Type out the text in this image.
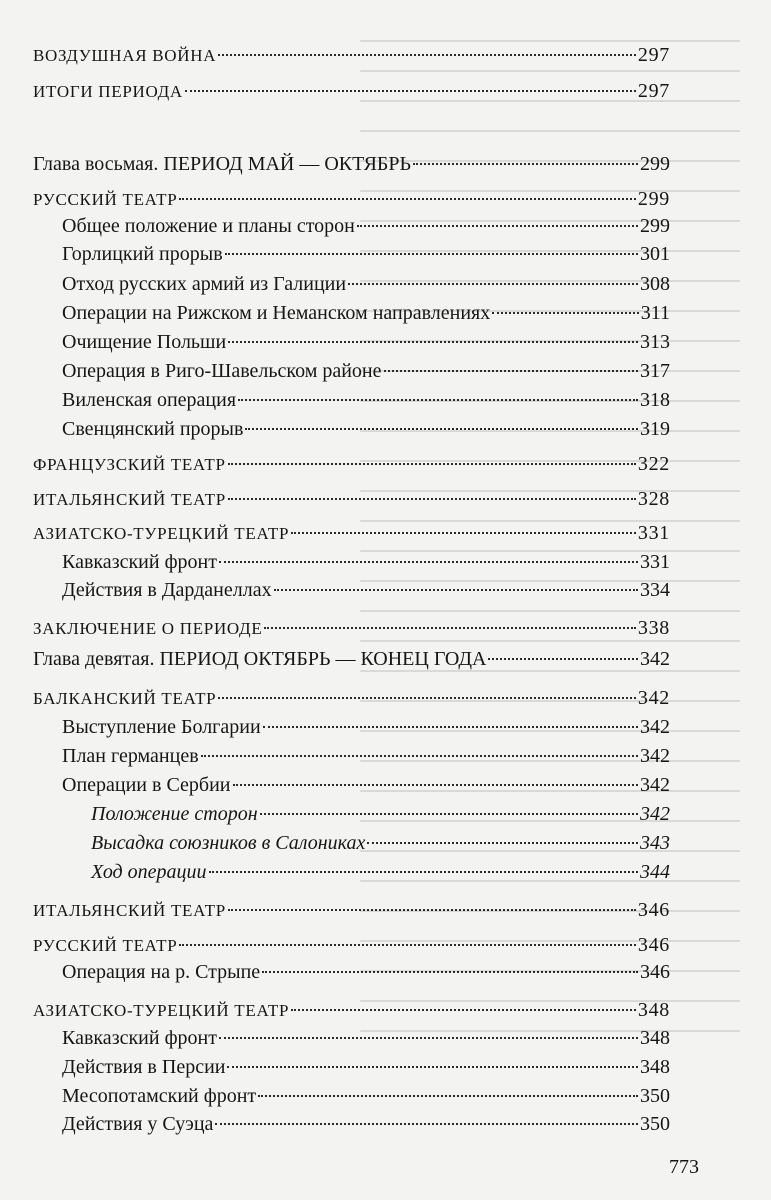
ВОЗДУШНАЯ ВОЙНА	297
ИТОГИ ПЕРИОДА	297
Глава восьмая. ПЕРИОД МАЙ — ОКТЯБРЬ	299
РУССКИЙ ТЕАТР	299
Общее положение и планы сторон	299
Горлицкий прорыв	301
Отход русских армий из Галиции	308
Операции на Рижском и Неманском направлениях	311
Очищение Польши	313
Операция в Риго-Шавельском районе	317
Виленская операция	318
Свенцянский прорыв	319
ФРАНЦУЗСКИЙ ТЕАТР	322
ИТАЛЬЯНСКИЙ ТЕАТР	328
АЗИАТСКО-ТУРЕЦКИЙ ТЕАТР	331
Кавказский фронт	331
Действия в Дарданеллах	334
ЗАКЛЮЧЕНИЕ О ПЕРИОДЕ	338
Глава девятая. ПЕРИОД ОКТЯБРЬ — КОНЕЦ ГОДА	342
БАЛКАНСКИЙ ТЕАТР	342
Выступление Болгарии	342
План германцев	342
Операции в Сербии	342
Положение сторон	342
Высадка союзников в Салониках	343
Ход операции	344
ИТАЛЬЯНСКИЙ ТЕАТР	346
РУССКИЙ ТЕАТР	346
Операция на р. Стрыпе	346
АЗИАТСКО-ТУРЕЦКИЙ ТЕАТР	348
Кавказский фронт	348
Действия в Персии	348
Месопотамский фронт	350
Действия у Суэца	350
773
